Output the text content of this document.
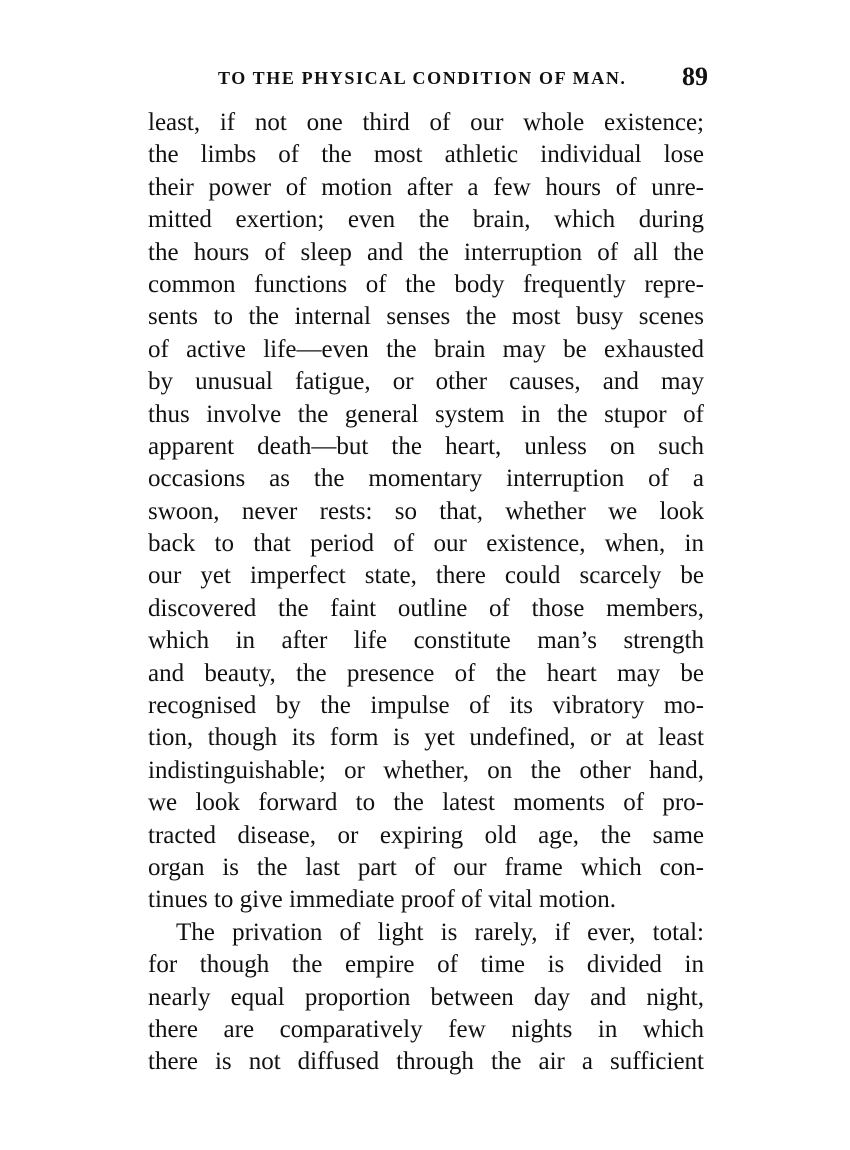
TO THE PHYSICAL CONDITION OF MAN. 89
least, if not one third of our whole existence;
the limbs of the most athletic individual lose
their power of motion after a few hours of unre-
mitted exertion; even the brain, which during
the hours of sleep and the interruption of all the
common functions of the body frequently repre-
sents to the internal senses the most busy scenes
of active life—even the brain may be exhausted
by unusual fatigue, or other causes, and may
thus involve the general system in the stupor of
apparent death—but the heart, unless on such
occasions as the momentary interruption of a
swoon, never rests: so that, whether we look
back to that period of our existence, when, in
our yet imperfect state, there could scarcely be
discovered the faint outline of those members,
which in after life constitute man’s strength
and beauty, the presence of the heart may be
recognised by the impulse of its vibratory mo-
tion, though its form is yet undefined, or at least
indistinguishable; or whether, on the other hand,
we look forward to the latest moments of pro-
tracted disease, or expiring old age, the same
organ is the last part of our frame which con-
tinues to give immediate proof of vital motion.
The privation of light is rarely, if ever, total:
for though the empire of time is divided in
nearly equal proportion between day and night,
there are comparatively few nights in which
there is not diffused through the air a sufficient
